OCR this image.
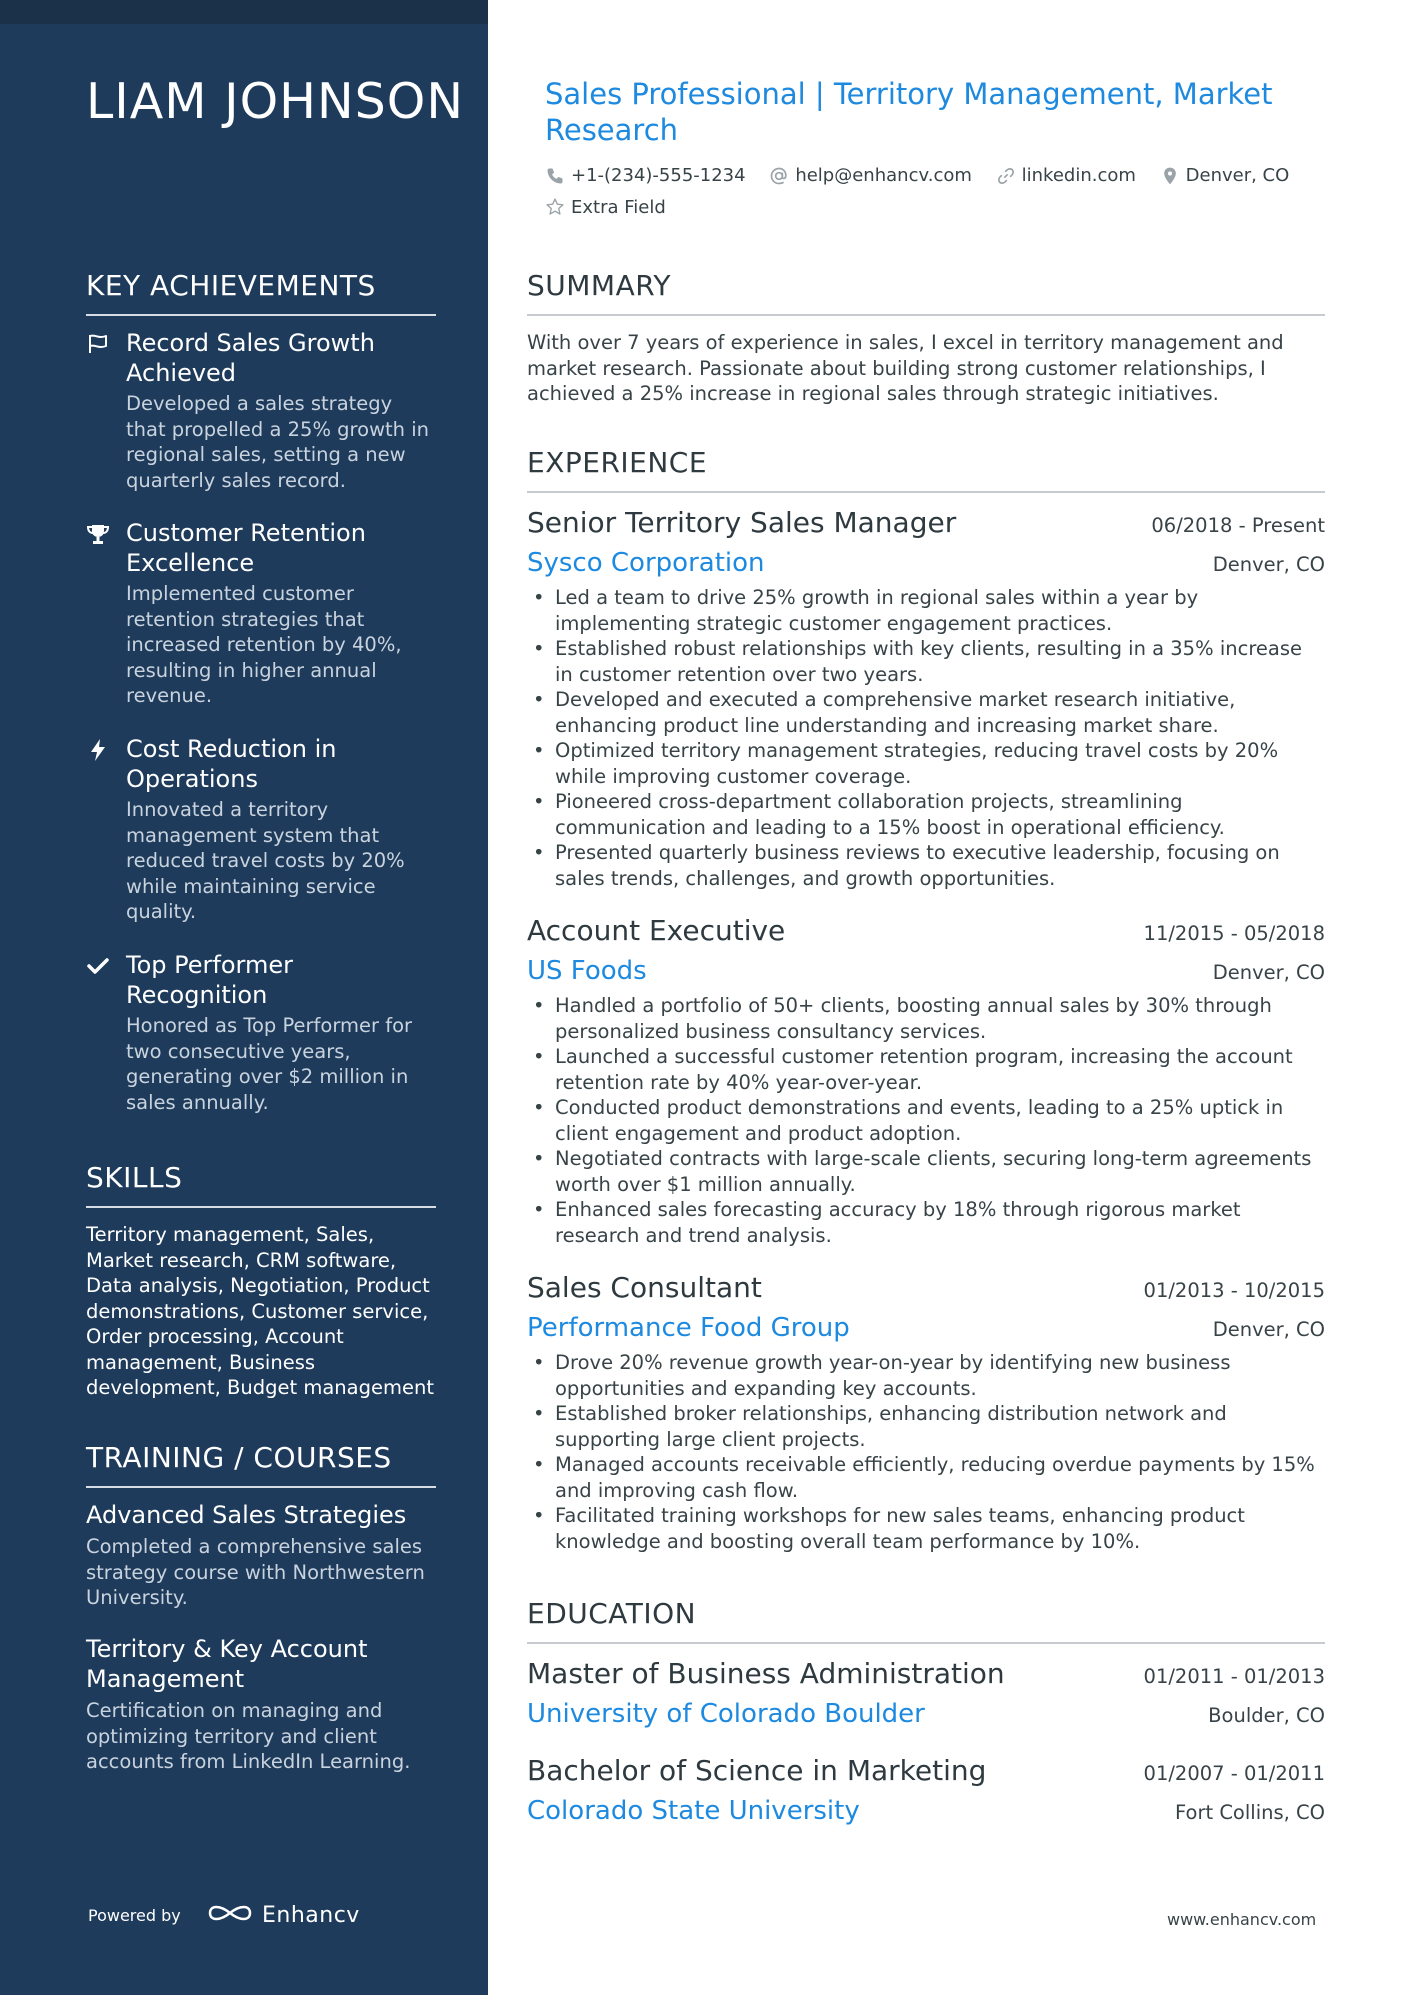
LIAM JOHNSON
KEY ACHIEVEMENTS
Record Sales Growth Achieved
Developed a sales strategy that propelled a 25% growth in regional sales, setting a new quarterly sales record.
Customer Retention Excellence
Implemented customer retention strategies that increased retention by 40%, resulting in higher annual revenue.
Cost Reduction in Operations
Innovated a territory management system that reduced travel costs by 20% while maintaining service quality.
Top Performer Recognition
Honored as Top Performer for two consecutive years, generating over $2 million in sales annually.
SKILLS
Territory management, Sales, Market research, CRM software, Data analysis, Negotiation, Product demonstrations, Customer service, Order processing, Account management, Business development, Budget management
TRAINING / COURSES
Advanced Sales Strategies
Completed a comprehensive sales strategy course with Northwestern University.
Territory & Key Account Management
Certification on managing and optimizing territory and client accounts from LinkedIn Learning.
Powered by	Enhancv
Sales Professional | Territory Management, Market Research
+1-(234)-555-1234
	help@enhancv.com
	linkedin.com
	Denver, CO

Extra Field
SUMMARY
With over 7 years of experience in sales, I excel in territory management and market research. Passionate about building strong customer relationships, I achieved a 25% increase in regional sales through strategic initiatives.
EXPERIENCE
Senior Territory Sales Manager	06/2018 - Present
Sysco Corporation	Denver, CO
• Led a team to drive 25% growth in regional sales within a year by implementing strategic customer engagement practices.
• Established robust relationships with key clients, resulting in a 35% increase in customer retention over two years.
• Developed and executed a comprehensive market research initiative, enhancing product line understanding and increasing market share.
• Optimized territory management strategies, reducing travel costs by 20% while improving customer coverage.
• Pioneered cross-department collaboration projects, streamlining communication and leading to a 15% boost in operational efficiency.
• Presented quarterly business reviews to executive leadership, focusing on sales trends, challenges, and growth opportunities.
Account Executive	11/2015 - 05/2018
US Foods	Denver, CO
• Handled a portfolio of 50+ clients, boosting annual sales by 30% through personalized business consultancy services.
• Launched a successful customer retention program, increasing the account retention rate by 40% year-over-year.
• Conducted product demonstrations and events, leading to a 25% uptick in client engagement and product adoption.
• Negotiated contracts with large-scale clients, securing long-term agreements worth over $1 million annually.
• Enhanced sales forecasting accuracy by 18% through rigorous market research and trend analysis.
Sales Consultant	01/2013 - 10/2015
Performance Food Group	Denver, CO
• Drove 20% revenue growth year-on-year by identifying new business opportunities and expanding key accounts.
• Established broker relationships, enhancing distribution network and supporting large client projects.
• Managed accounts receivable efficiently, reducing overdue payments by 15% and improving cash flow.
• Facilitated training workshops for new sales teams, enhancing product knowledge and boosting overall team performance by 10%.
EDUCATION
Master of Business Administration	01/2011 - 01/2013
University of Colorado Boulder	Boulder, CO
Bachelor of Science in Marketing	01/2007 - 01/2011
Colorado State University	Fort Collins, CO
www.enhancv.com
